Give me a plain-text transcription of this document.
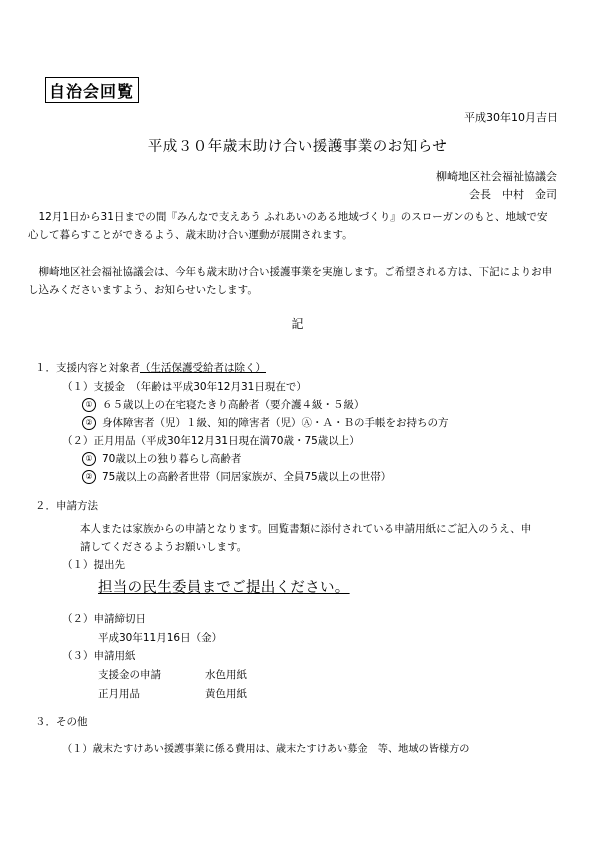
自治会回覧
平成30年10月吉日
平成３０年歳末助け合い援護事業のお知らせ
柳崎地区社会福祉協議会
会長　中村　金司
12月1日から31日までの間『みんなで支えあう ふれあいのある地域づくり』のスローガンのもと、地域で安心して暮らすことができるよう、歳末助け合い運動が展開されます。
柳崎地区社会福祉協議会は、今年も歳末助け合い援護事業を実施します。ご希望される方は、下記によりお申し込みくださいますよう、お知らせいたします。
記
１．支援内容と対象者（生活保護受給者は除く）
（１）支援金　（年齢は平成30年12月31日現在で）
① ６５歳以上の在宅寝たきり高齢者（要介護４級・５級）
② 身体障害者（児）１級、知的障害者（児）Ⓐ・Ａ・Ｂの手帳をお持ちの方
（２）正月用品（平成30年12月31日現在満70歳・75歳以上）
① 70歳以上の独り暮らし高齢者
② 75歳以上の高齢者世帯（同居家族が、全員75歳以上の世帯）
２．申請方法
本人または家族からの申請となります。回覧書類に添付されている申請用紙にご記入のうえ、申請してくださるようお願いします。
（１）提出先
担当の民生委員までご提出ください。
（２）申請締切日
平成30年11月16日（金）
（３）申請用紙
支援金の申請	水色用紙
正月用品	黄色用紙
３．その他
（１）歳末たすけあい援護事業に係る費用は、歳末たすけあい募金　等、地域の皆様方の
